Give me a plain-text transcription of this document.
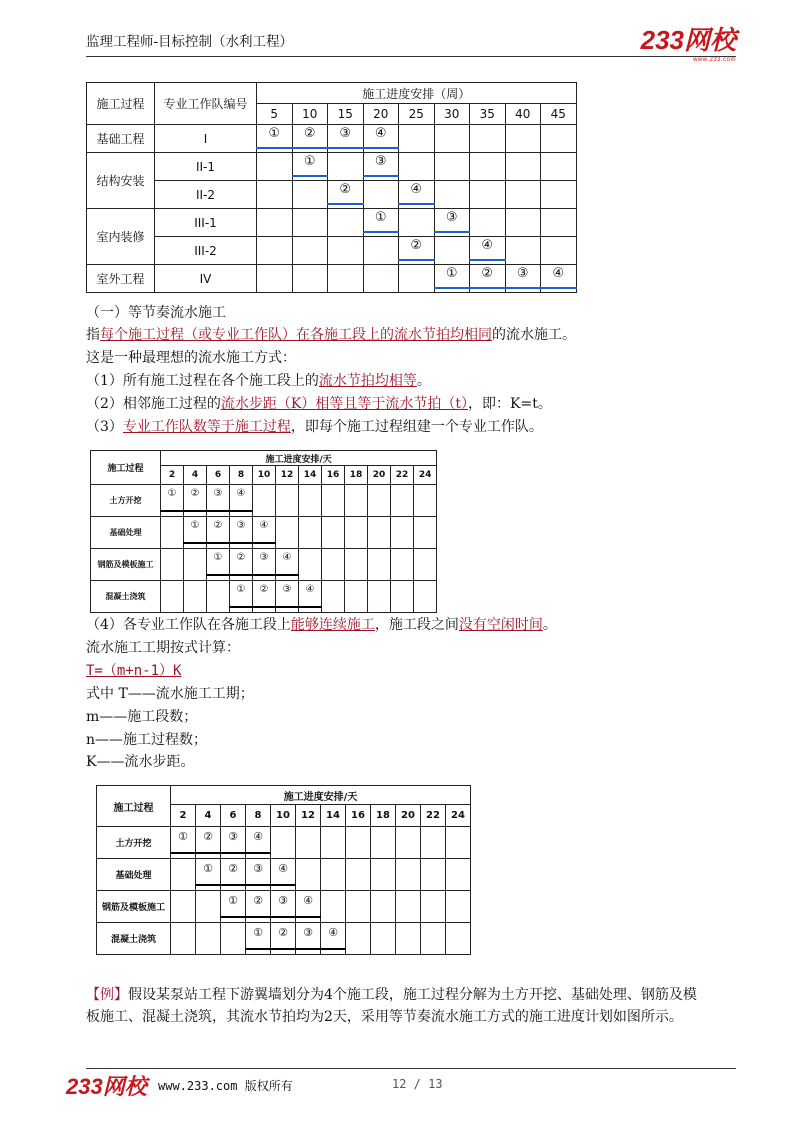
监理工程师-目标控制（水利工程）	233网校
www.233.com
施工过程	专业工作队编号	施工进度安排（周）								
		5	10	15	20	25	30	35	40	45
基础工程	I	①	②	③	④					

结构安装	II-1		①		③					

	II-2			②		④				

室内装修	III-1				①		③			

	III-2					②		④		

室外工程	IV						①	②	③	④
（一）等节奏流水施工
指每个施工过程（或专业工作队）在各施工段上的流水节拍均相同的流水施工。
这是一种最理想的流水施工方式：
（1）所有施工过程在各个施工段上的流水节拍均相等。
（2）相邻施工过程的流水步距（K）相等且等于流水节拍（t），即：K=t。
（3）专业工作队数等于施工过程，即每个施工过程组建一个专业工作队。
施工过程	施工进度安排/天											
	2	4	6	8	10	12	14	16	18	20	22	24
土方开挖	①	②	③	④								

基础处理		①	②	③	④							

钢筋及模板施工			①	②	③	④						

混凝土浇筑				①	②	③	④					

（4）各专业工作队在各施工段上能够连续施工，施工段之间没有空闲时间。
流水施工工期按式计算：
T=（m+n-1）K
式中 T——流水施工工期；
m——施工段数；
n——施工过程数；
K——流水步距。
施工过程	施工进度安排/天											
	2	4	6	8	10	12	14	16	18	20	22	24
土方开挖	①	②	③	④								

基础处理		①	②	③	④							

钢筋及模板施工			①	②	③	④						

混凝土浇筑				①	②	③	④					

【例】假设某泵站工程下游翼墙划分为4个施工段，施工过程分解为土方开挖、基础处理、钢筋及模
板施工、混凝土浇筑，其流水节拍均为2天，采用等节奏流水施工方式的施工进度计划如图所示。
233网校 www.233.com 版权所有	12 / 13
